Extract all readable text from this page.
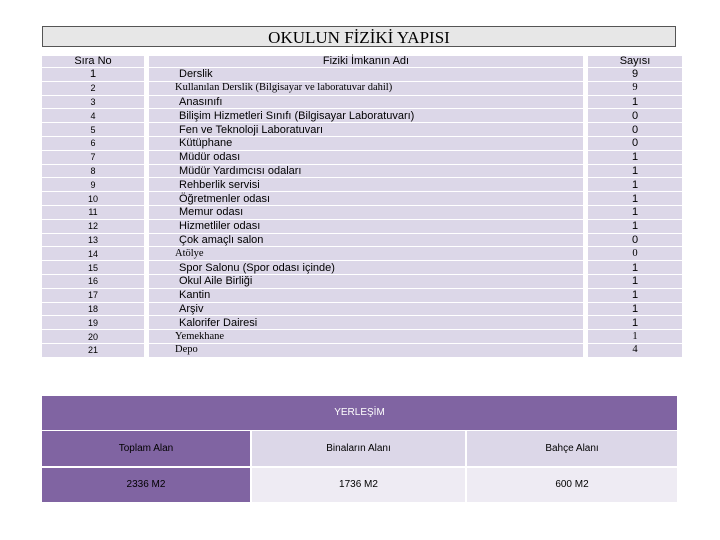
OKULUN FİZİKİ YAPISI
Sıra No		Fiziki İmkanın Adı		Sayısı
1		Derslik		9
2		Kullanılan Derslik (Bilgisayar ve laboratuvar dahil)		9
3		Anasınıfı		1
4		Bilişim Hizmetleri Sınıfı (Bilgisayar Laboratuvarı)		0
5		Fen ve Teknoloji Laboratuvarı		0
6		Kütüphane		0
7		Müdür odası		1
8		Müdür Yardımcısı odaları		1
9		Rehberlik servisi		1
10		Öğretmenler odası		1
11		Memur odası		1
12		Hizmetliler odası		1
13		Çok amaçlı salon		0
14		Atölye		0
15		Spor Salonu (Spor odası içinde)		1
16		Okul Aile Birliği		1
17		Kantin		1
18		Arşiv		1
19		Kalorifer Dairesi		1
20		Yemekhane		1
21		Depo		4
YERLEŞİM
Toplam Alan	Binaların Alanı	Bahçe Alanı
2336 M2	1736 M2	600 M2
